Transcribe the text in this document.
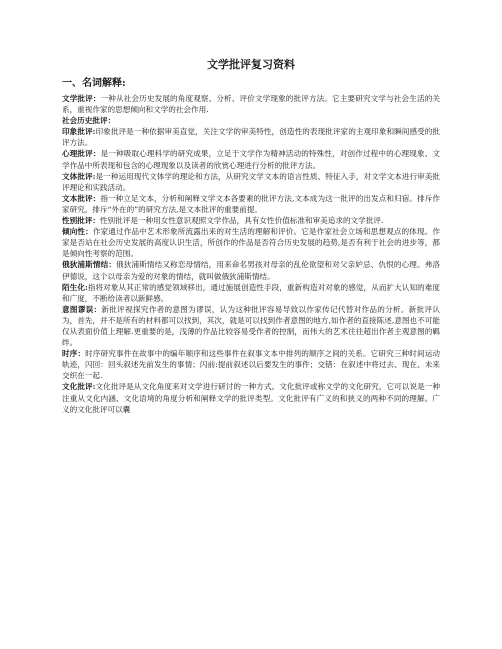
文学批评复习资料

一、名词解释:

文学批评：一种从社会历史发展的角度观察、分析、评价文学现象的批评方法。它主要研究文学与社会生活的关系，重视作家的思想倾向和文学的社会作用.

社会历史批评：

印象批评:印象批评是一种依据审美直觉，关注文学的审美特性，创造性的表现批评家的主观印象和瞬间感受的批评方法。

心理批评：是一种吸取心理科学的研究成果，立足于文学作为精神活动的特殊性，对创作过程中的心理现象、文学作品中所表现和包含的心理现象以及读者的欣赏心理进行分析的批评方法。

文体批评:是一种运用现代文体学的理论和方法，从研究文学文本的语言性质、特征入手，对文学文本进行审美批评理论和实践活动。

文本批评：指一种立足文本，分析和阐释文学文本各要素的批评方法,文本成为这一批评的出发点和归宿。排斥作家研究，排斥“外在的”的研究方法,是文本批评的重要前提。

性别批评：性别批评是一种用女性意识观照文学作品，具有女性价值标准和审美追求的文学批评.

倾向性：作家通过作品中艺术形象所流露出来的对生活的理解和评价。它是作家社会立场和思想观点的体现。作家是否站在社会历史发展的高度认识生活，所创作的作品是否符合历史发展的趋势,是否有利于社会的进步等，都是倾向性考察的范围。

俄狄浦斯情结：俄狄浦斯情结又称恋母情结，用来命名男孩对母亲的乱伦欲望和对父亲妒忌、仇恨的心理。弗洛伊德说，这个以母亲为爱的对象的情结，就叫做俄狄浦斯情结。

陌生化:指将对象从其正常的感觉领域移出，通过施展创造性手段，重新构造对对象的感觉，从而扩大认知的难度和广度，不断给读者以新鲜感。

意图谬误：新批评视探究作者的意图为谬误，认为这种批评容易导致以作家传记代替对作品的分析。新批评认为，首先，并不是所有的材料都可以找到，其次，就是可以找到作者意图的地方,如作者的直接陈述,意图也不可能仅从表面价值上理解.更重要的是，浅薄的作品比较容易受作者的控制，而伟大的艺术往往超出作者主观意图的羁绊。

时序：时序研究事件在故事中的编年顺序和这些事件在叙事文本中排列的顺序之间的关系。它研究三种时间运动轨迹，闪回：回头叙述先前发生的事情；闪前:提前叙述以后要发生的事件；交错：在叙述中将过去、现在、未来交织在一起.

文化批评:文化批评是从文化角度来对文学进行研讨的一种方式。文化批评或称文学的文化研究，它可以说是一种注重从文化内涵、文化语境的角度分析和阐释文学的批评类型。文化批评有广义的和狭义的两种不同的理解。广义的文化批评可以囊
